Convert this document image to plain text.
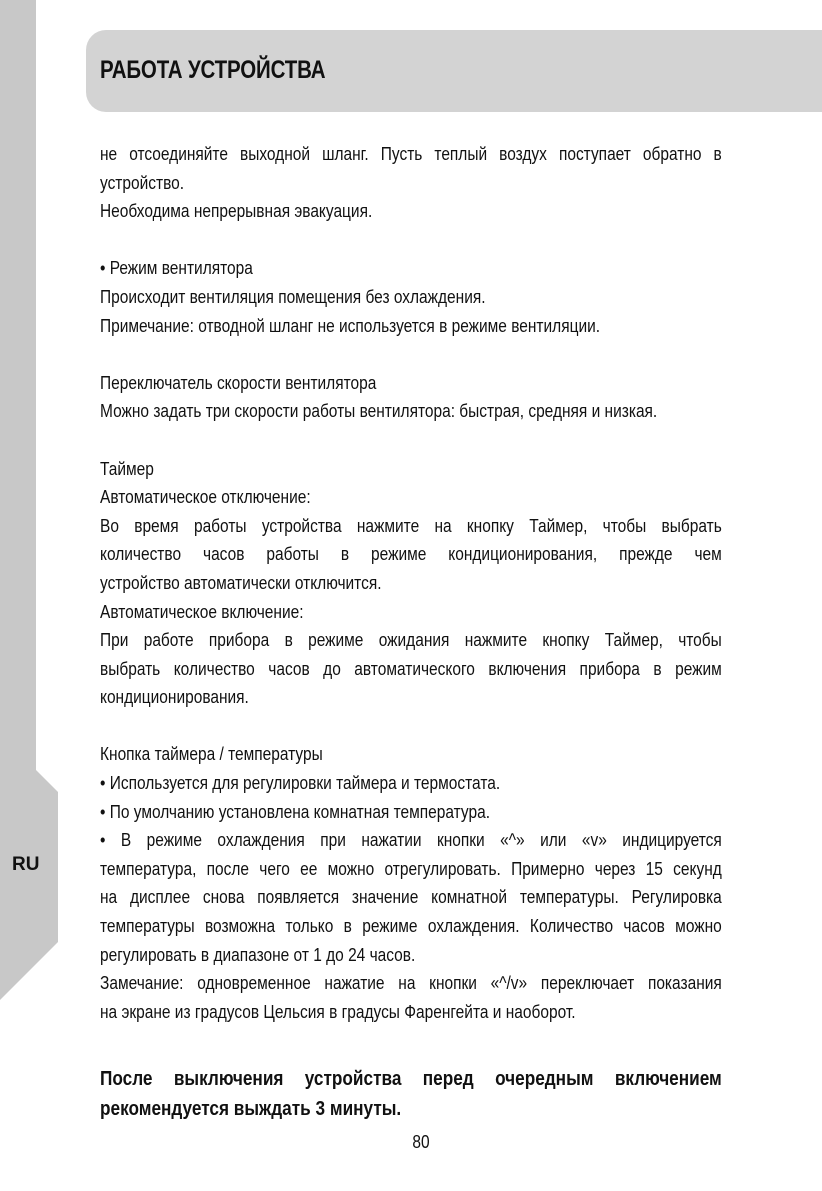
РАБОТА УСТРОЙСТВА
RU
не отсоединяйте выходной шланг. Пусть теплый воздух поступает обратно в
устройство.
Необходима непрерывная эвакуация.
• Режим вентилятора
Происходит вентиляция помещения без охлаждения.
Примечание: отводной шланг не используется в режиме вентиляции.
Переключатель скорости вентилятора
Можно задать три скорости работы вентилятора: быстрая, средняя и низкая.
Таймер
Автоматическое отключение:
Во время работы устройства нажмите на кнопку Таймер, чтобы выбрать
количество часов работы в режиме кондиционирования, прежде чем
устройство автоматически отключится.
Автоматическое включение:
При работе прибора в режиме ожидания нажмите кнопку Таймер, чтобы
выбрать количество часов до автоматического включения прибора в режим
кондиционирования.
Кнопка таймера / температуры
• Используется для регулировки таймера и термостата.
• По умолчанию установлена комнатная температура.
• В режиме охлаждения при нажатии кнопки «^» или «v» индицируется
температура, после чего ее можно отрегулировать. Примерно через 15 секунд
на дисплее снова появляется значение комнатной температуры. Регулировка
температуры возможна только в режиме охлаждения. Количество часов можно
регулировать в диапазоне от 1 до 24 часов.
Замечание: одновременное нажатие на кнопки «^/v» переключает показания
на экране из градусов Цельсия в градусы Фаренгейта и наоборот.
После выключения устройства перед очередным включением
рекомендуется выждать 3 минуты.
80
